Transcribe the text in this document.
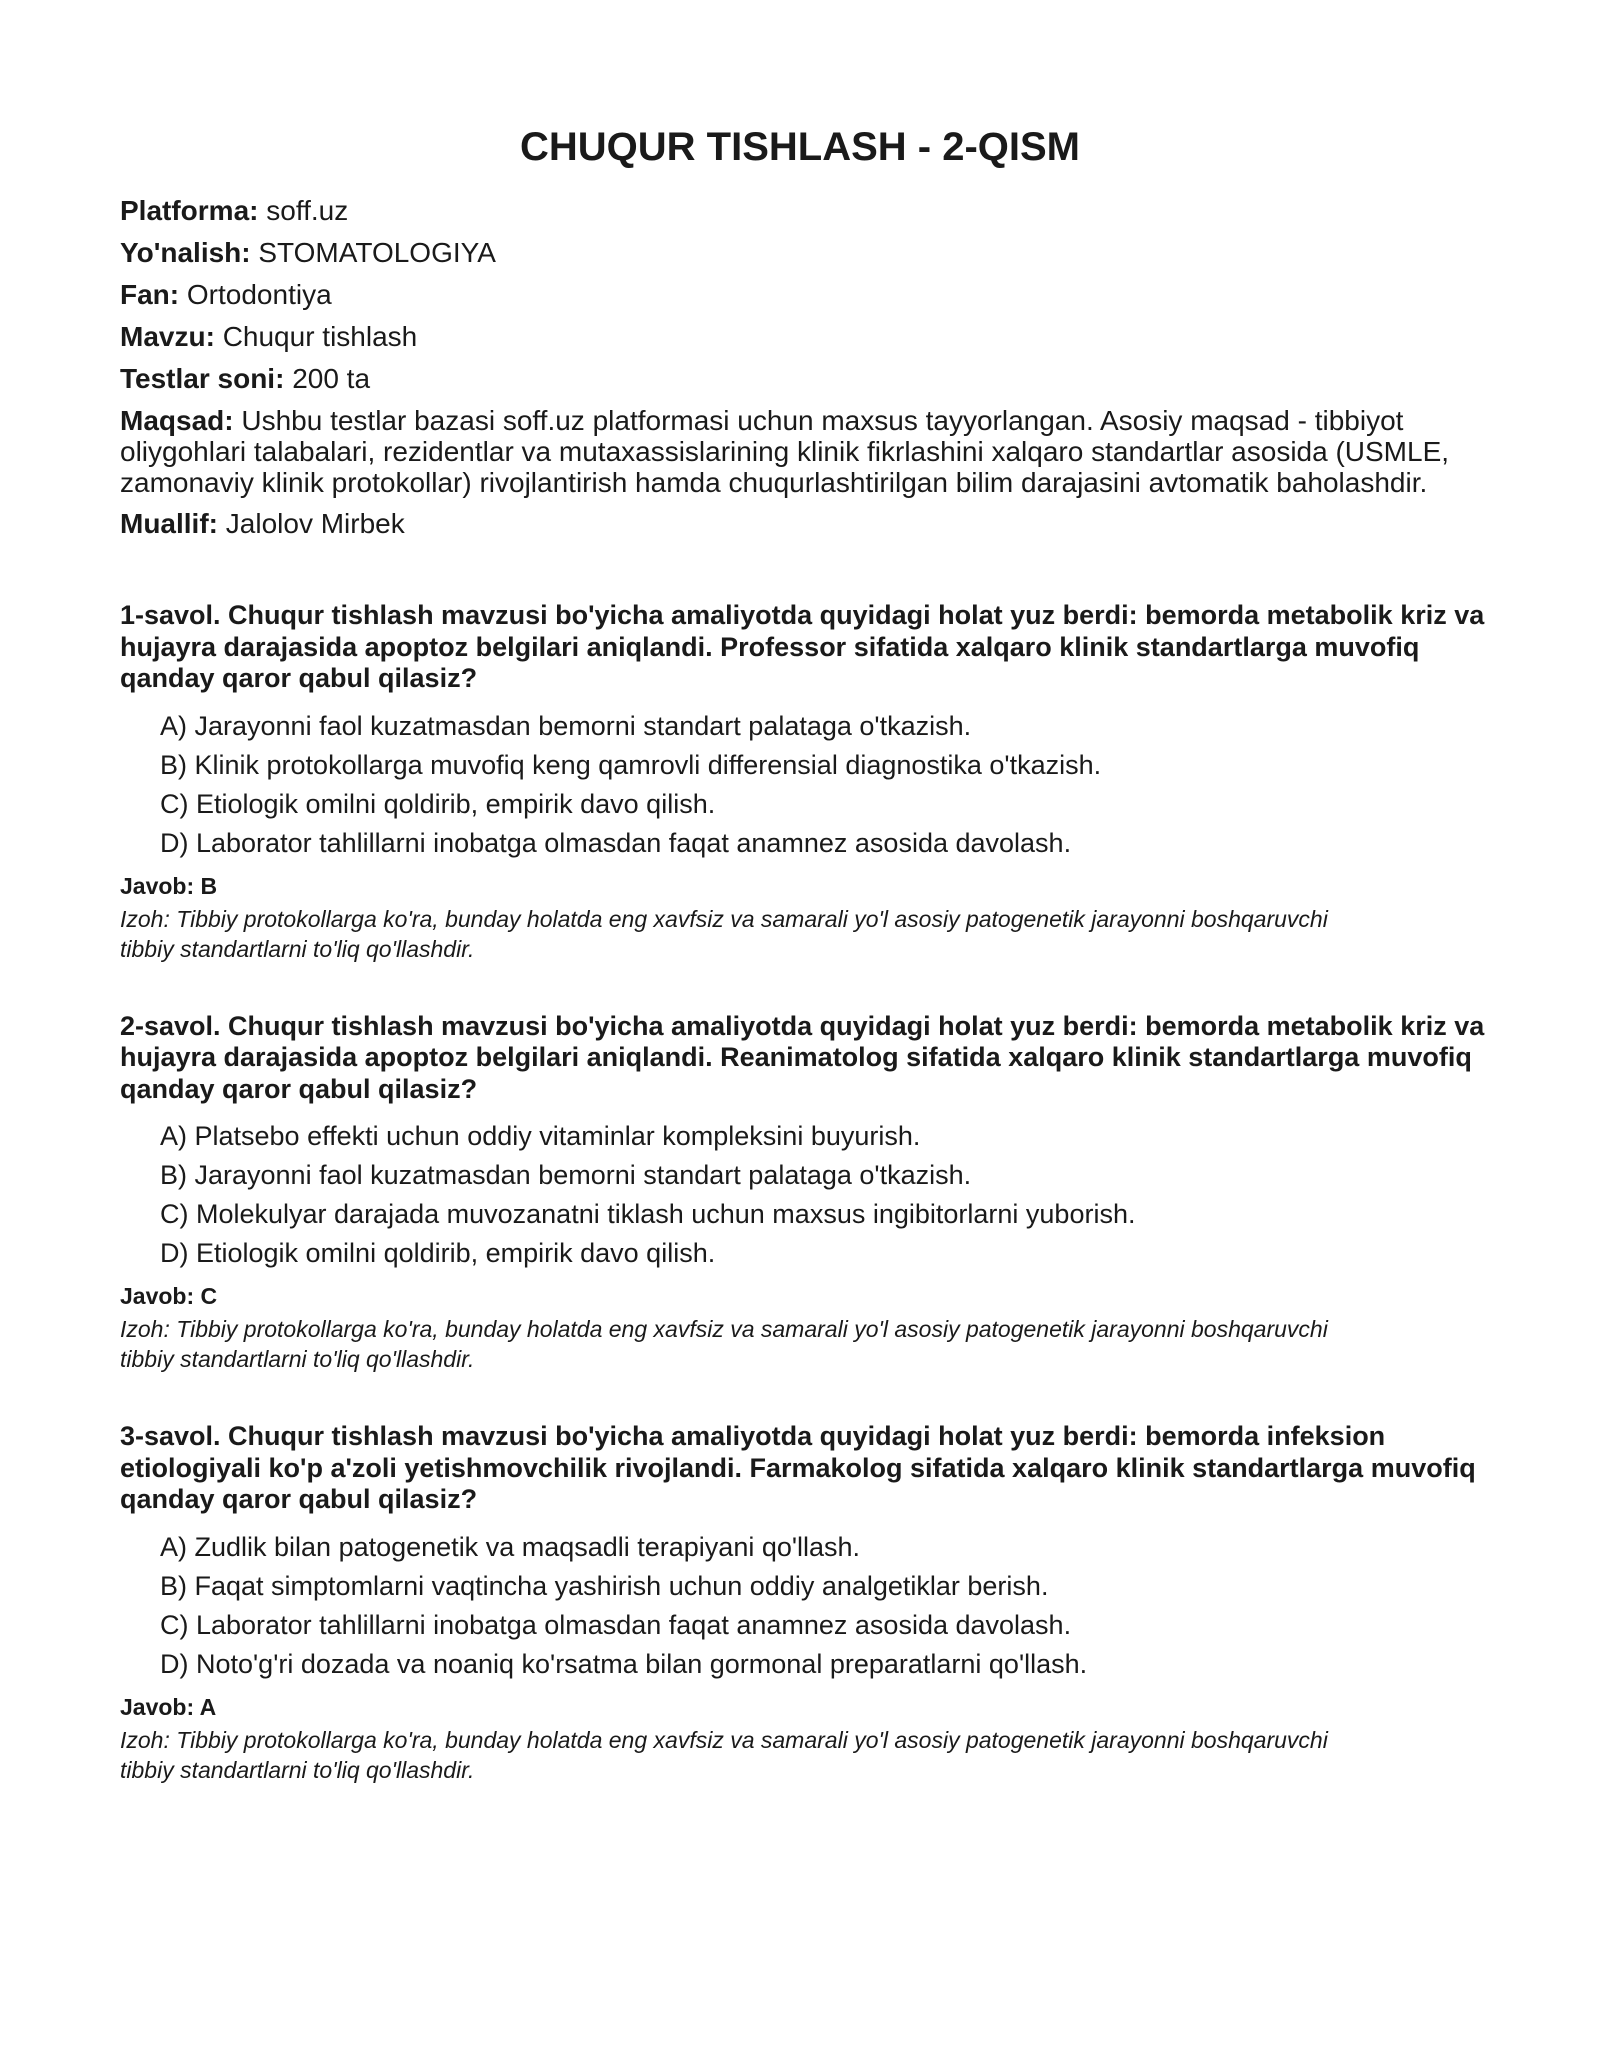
CHUQUR TISHLASH - 2-QISM
Platforma: soff.uz
Yo'nalish: STOMATOLOGIYA
Fan: Ortodontiya
Mavzu: Chuqur tishlash
Testlar soni: 200 ta
Maqsad: Ushbu testlar bazasi soff.uz platformasi uchun maxsus tayyorlangan. Asosiy maqsad - tibbiyot oliygohlari talabalari, rezidentlar va mutaxassislarining klinik fikrlashini xalqaro standartlar asosida (USMLE, zamonaviy klinik protokollar) rivojlantirish hamda chuqurlashtirilgan bilim darajasini avtomatik baholashdir.
Muallif: Jalolov Mirbek

1-savol. Chuqur tishlash mavzusi bo'yicha amaliyotda quyidagi holat yuz berdi: bemorda metabolik kriz va hujayra darajasida apoptoz belgilari aniqlandi. Professor sifatida xalqaro klinik standartlarga muvofiq qanday qaror qabul qilasiz?

A) Jarayonni faol kuzatmasdan bemorni standart palataga o'tkazish.
B) Klinik protokollarga muvofiq keng qamrovli differensial diagnostika o'tkazish.
C) Etiologik omilni qoldirib, empirik davo qilish.
D) Laborator tahlillarni inobatga olmasdan faqat anamnez asosida davolash.
Javob: B
Izoh: Tibbiy protokollarga ko'ra, bunday holatda eng xavfsiz va samarali yo'l asosiy patogenetik jarayonni boshqaruvchi tibbiy standartlarni to'liq qo'llashdir.

2-savol. Chuqur tishlash mavzusi bo'yicha amaliyotda quyidagi holat yuz berdi: bemorda metabolik kriz va hujayra darajasida apoptoz belgilari aniqlandi. Reanimatolog sifatida xalqaro klinik standartlarga muvofiq qanday qaror qabul qilasiz?

A) Platsebo effekti uchun oddiy vitaminlar kompleksini buyurish.
B) Jarayonni faol kuzatmasdan bemorni standart palataga o'tkazish.
C) Molekulyar darajada muvozanatni tiklash uchun maxsus ingibitorlarni yuborish.
D) Etiologik omilni qoldirib, empirik davo qilish.
Javob: C
Izoh: Tibbiy protokollarga ko'ra, bunday holatda eng xavfsiz va samarali yo'l asosiy patogenetik jarayonni boshqaruvchi tibbiy standartlarni to'liq qo'llashdir.

3-savol. Chuqur tishlash mavzusi bo'yicha amaliyotda quyidagi holat yuz berdi: bemorda infeksion etiologiyali ko'p a'zoli yetishmovchilik rivojlandi. Farmakolog sifatida xalqaro klinik standartlarga muvofiq qanday qaror qabul qilasiz?

A) Zudlik bilan patogenetik va maqsadli terapiyani qo'llash.
B) Faqat simptomlarni vaqtincha yashirish uchun oddiy analgetiklar berish.
C) Laborator tahlillarni inobatga olmasdan faqat anamnez asosida davolash.
D) Noto'g'ri dozada va noaniq ko'rsatma bilan gormonal preparatlarni qo'llash.
Javob: A
Izoh: Tibbiy protokollarga ko'ra, bunday holatda eng xavfsiz va samarali yo'l asosiy patogenetik jarayonni boshqaruvchi tibbiy standartlarni to'liq qo'llashdir.
